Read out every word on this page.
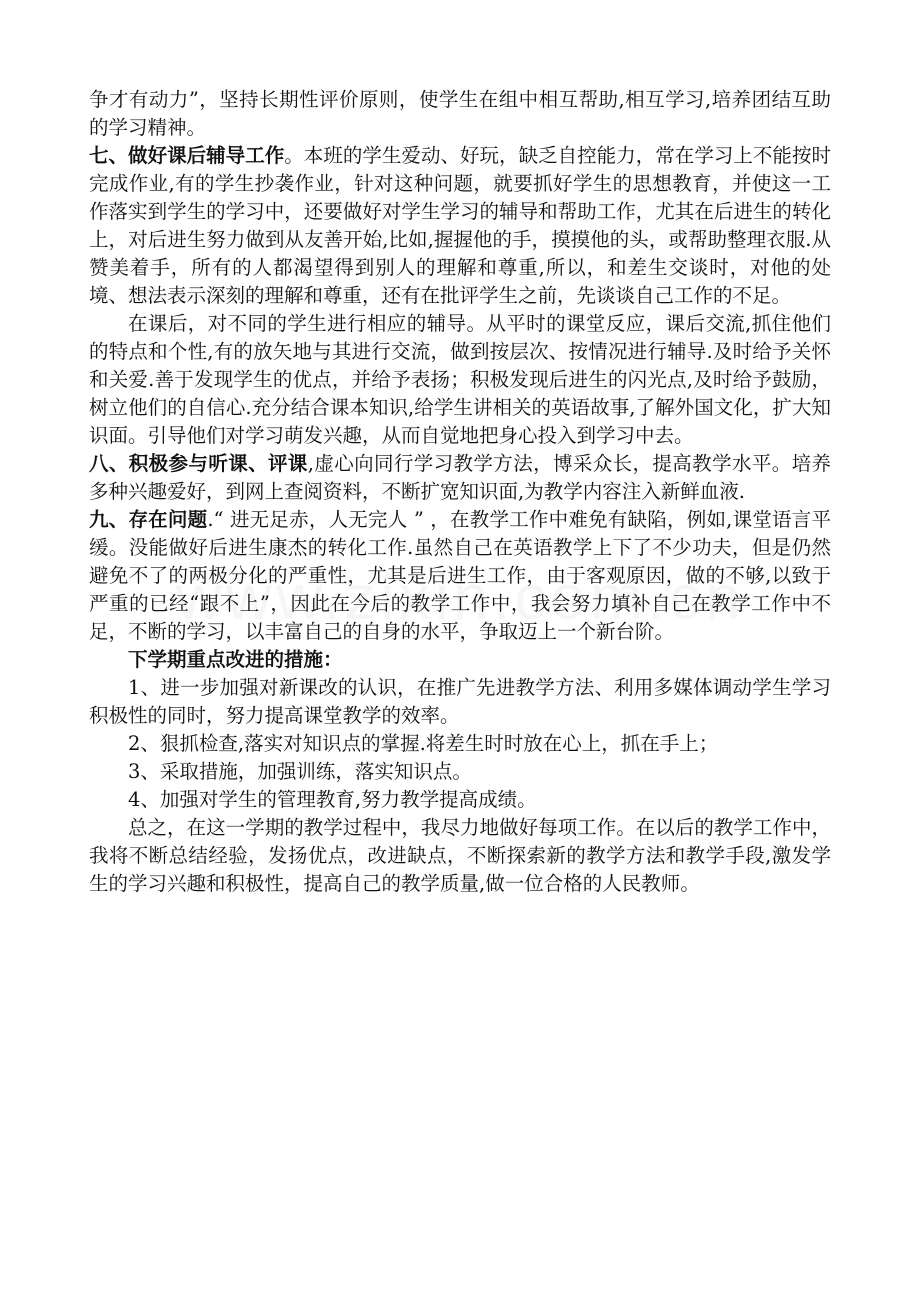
争才有动力”，坚持长期性评价原则，使学生在组中相互帮助,相互学习,培养团结互助的学习精神。

七、做好课后辅导工作。本班的学生爱动、好玩，缺乏自控能力，常在学习上不能按时完成作业,有的学生抄袭作业，针对这种问题，就要抓好学生的思想教育，并使这一工作落实到学生的学习中，还要做好对学生学习的辅导和帮助工作，尤其在后进生的转化上，对后进生努力做到从友善开始,比如,握握他的手，摸摸他的头，或帮助整理衣服.从赞美着手，所有的人都渴望得到别人的理解和尊重,所以，和差生交谈时，对他的处境、想法表示深刻的理解和尊重，还有在批评学生之前，先谈谈自己工作的不足。

在课后，对不同的学生进行相应的辅导。从平时的课堂反应，课后交流,抓住他们的特点和个性,有的放矢地与其进行交流，做到按层次、按情况进行辅导.及时给予关怀和关爱.善于发现学生的优点，并给予表扬；积极发现后进生的闪光点,及时给予鼓励，树立他们的自信心.充分结合课本知识,给学生讲相关的英语故事,了解外国文化，扩大知识面。引导他们对学习萌发兴趣，从而自觉地把身心投入到学习中去。

八、积极参与听课、评课,虚心向同行学习教学方法，博采众长，提高教学水平。培养多种兴趣爱好，到网上查阅资料，不断扩宽知识面,为教学内容注入新鲜血液.

九、存在问题.“ 进无足赤，人无完人 ” ，在教学工作中难免有缺陷，例如,课堂语言平缓。没能做好后进生康杰的转化工作.虽然自己在英语教学上下了不少功夫，但是仍然避免不了的两极分化的严重性，尤其是后进生工作，由于客观原因，做的不够,以致于严重的已经“跟不上”，因此在今后的教学工作中，我会努力填补自己在教学工作中不足，不断的学习，以丰富自己的自身的水平，争取迈上一个新台阶。

下学期重点改进的措施：

1、进一步加强对新课改的认识，在推广先进教学方法、利用多媒体调动学生学习积极性的同时，努力提高课堂教学的效率。

2、狠抓检查,落实对知识点的掌握.将差生时时放在心上，抓在手上；

3、采取措施，加强训练，落实知识点。

4、加强对学生的管理教育,努力教学提高成绩。

总之，在这一学期的教学过程中，我尽力地做好每项工作。在以后的教学工作中，我将不断总结经验，发扬优点，改进缺点，不断探索新的教学方法和教学手段,激发学生的学习兴趣和积极性，提高自己的教学质量,做一位合格的人民教师。
